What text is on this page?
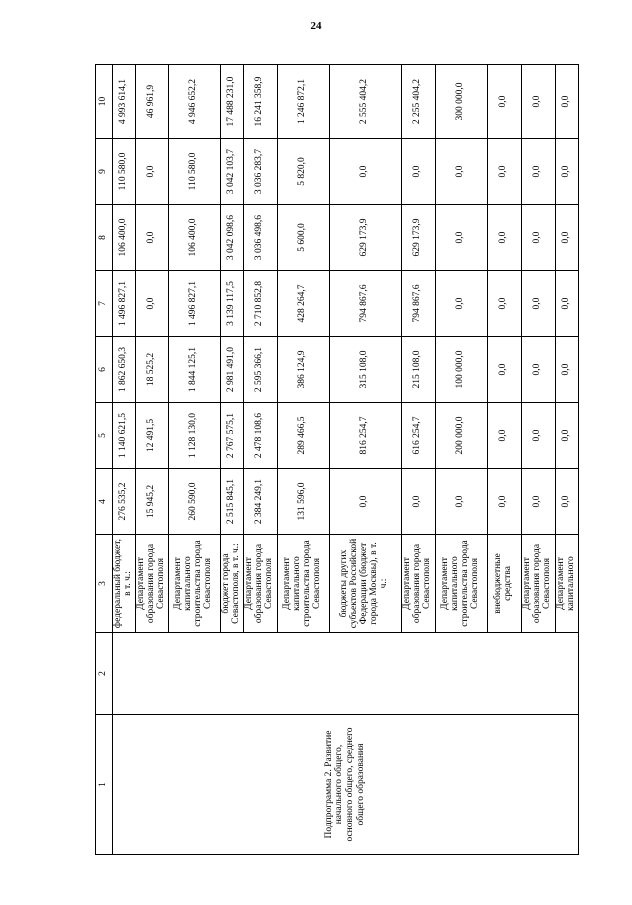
24
1	2	3	4	5	6	7	8	9	10
Подпрограмма 2. Развитие начального общего, основного общего, среднего общего образования		федеральный бюджет, в т. ч.:	276 535,2	1 140 621,5	1 862 650,3	1 496 827,1	106 400,0	110 580,0	4 993 614,1
		Департамент образования города Севастополя	15 945,2	12 491,5	18 525,2	0,0	0,0	0,0	46 961,9
		Департамент капитального строительства города Севастополя	260 590,0	1 128 130,0	1 844 125,1	1 496 827,1	106 400,0	110 580,0	4 946 652,2
		бюджет города Севастополя, в т. ч.:	2 515 845,1	2 767 575,1	2 981 491,0	3 139 117,5	3 042 098,6	3 042 103,7	17 488 231,0
		Департамент образования города Севастополя	2 384 249,1	2 478 108,6	2 595 366,1	2 710 852,8	3 036 498,6	3 036 283,7	16 241 358,9
		Департамент капитального строительства города Севастополя	131 596,0	289 466,5	386 124,9	428 264,7	5 600,0	5 820,0	1 246 872,1
		бюджеты других субъектов Российской Федерации (бюджет города Москвы), в т. ч.:	0,0	816 254,7	315 108,0	794 867,6	629 173,9	0,0	2 555 404,2
		Департамент образования города Севастополя	0,0	616 254,7	215 108,0	794 867,6	629 173,9	0,0	2 255 404,2
		Департамент капитального строительства города Севастополя	0,0	200 000,0	100 000,0	0,0	0,0	0,0	300 000,0
		внебюджетные средства	0,0	0,0	0,0	0,0	0,0	0,0	0,0
		Департамент образования города Севастополя	0,0	0,0	0,0	0,0	0,0	0,0	0,0
		Департамент капитального	0,0	0,0	0,0	0,0	0,0	0,0	0,0
